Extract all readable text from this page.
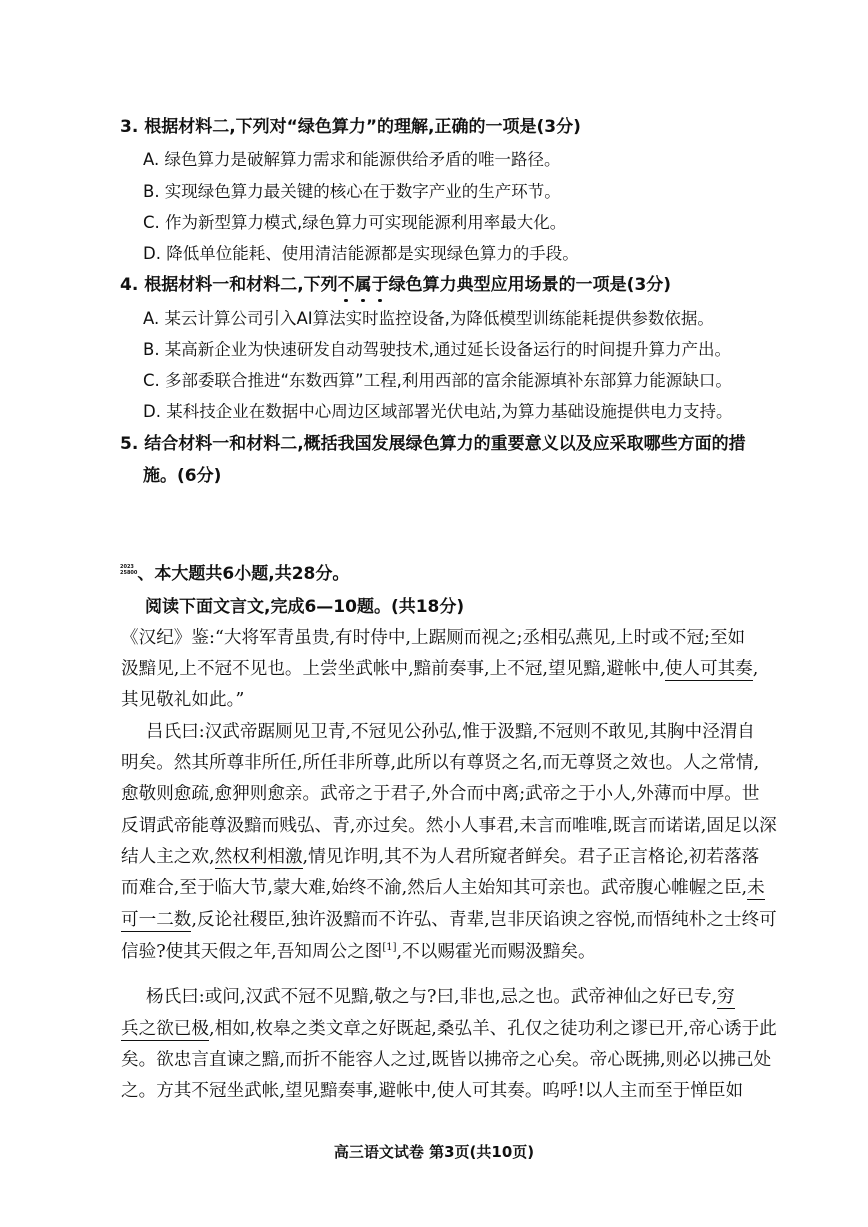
3. 根据材料二,下列对“绿色算力”的理解,正确的一项是(3分)
A. 绿色算力是破解算力需求和能源供给矛盾的唯一路径。
B. 实现绿色算力最关键的核心在于数字产业的生产环节。
C. 作为新型算力模式,绿色算力可实现能源利用率最大化。
D. 降低单位能耗、使用清洁能源都是实现绿色算力的手段。
4. 根据材料一和材料二,下列不属于绿色算力典型应用场景的一项是(3分)
A. 某云计算公司引入AI算法实时监控设备,为降低模型训练能耗提供参数依据。
B. 某高新企业为快速研发自动驾驶技术,通过延长设备运行的时间提升算力产出。
C. 多部委联合推进“东数西算”工程,利用西部的富余能源填补东部算力能源缺口。
D. 某科技企业在数据中心周边区域部署光伏电站,为算力基础设施提供电力支持。
5. 结合材料一和材料二,概括我国发展绿色算力的重要意义以及应采取哪些方面的措
施。(6分)
2023
25800、本大题共6小题,共28分。
阅读下面文言文,完成6—10题。(共18分)
《汉纪》鉴:“大将军青虽贵,有时侍中,上踞厕而视之;丞相弘燕见,上时或不冠;至如
汲黯见,上不冠不见也。上尝坐武帐中,黯前奏事,上不冠,望见黯,避帐中,使人可其奏,
其见敬礼如此。”
吕氏曰:汉武帝踞厕见卫青,不冠见公孙弘,惟于汲黯,不冠则不敢见,其胸中泾渭自
明矣。然其所尊非所任,所任非所尊,此所以有尊贤之名,而无尊贤之效也。人之常情,
愈敬则愈疏,愈狎则愈亲。武帝之于君子,外合而中离;武帝之于小人,外薄而中厚。世
反谓武帝能尊汲黯而贱弘、青,亦过矣。然小人事君,未言而唯唯,既言而诺诺,固足以深
结人主之欢,然权利相激,情见诈明,其不为人君所窥者鲜矣。君子正言格论,初若落落
而难合,至于临大节,蒙大难,始终不渝,然后人主始知其可亲也。武帝腹心帷幄之臣,未
可一二数,反论社稷臣,独许汲黯而不许弘、青辈,岂非厌谄谀之容悦,而悟纯朴之士终可
信验?使其天假之年,吾知周公之图[1],不以赐霍光而赐汲黯矣。
杨氏曰:或问,汉武不冠不见黯,敬之与?曰,非也,忌之也。武帝神仙之好已专,穷
兵之欲已极,相如,枚皋之类文章之好既起,桑弘羊、孔仅之徒功利之谬已开,帝心诱于此
矣。欲忠言直谏之黯,而折不能容人之过,既皆以拂帝之心矣。帝心既拂,则必以拂己处
之。方其不冠坐武帐,望见黯奏事,避帐中,使人可其奏。呜呼!以人主而至于惮臣如
高三语文试卷 第3页(共10页)
